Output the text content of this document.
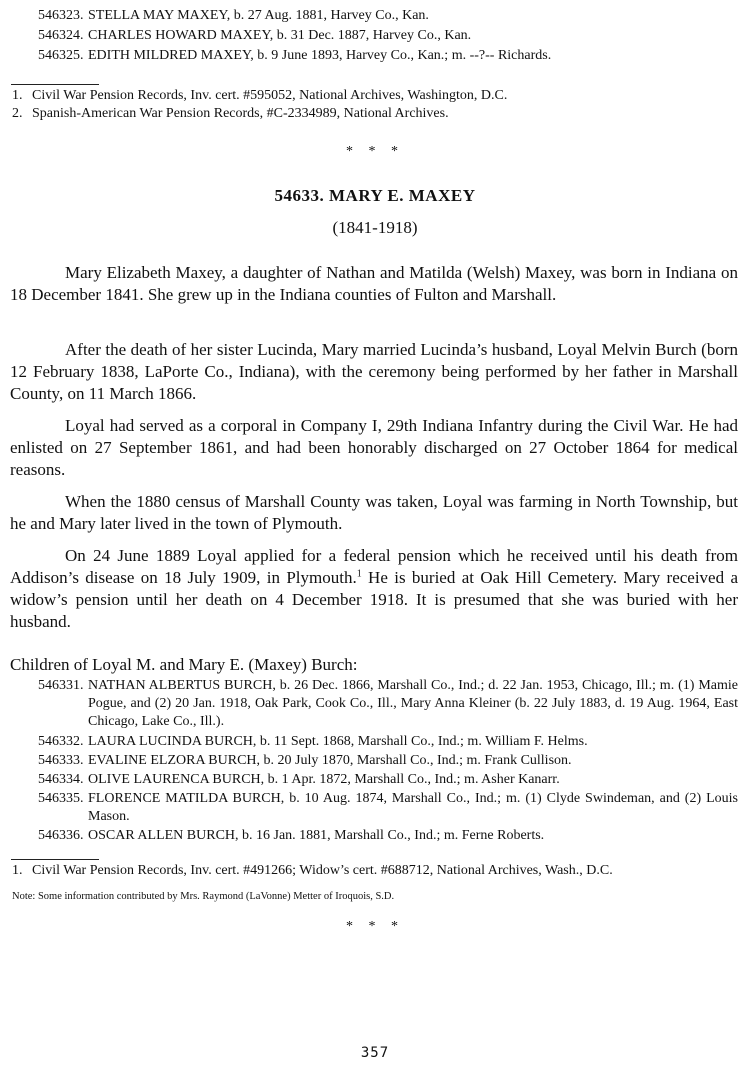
546323. STELLA MAY MAXEY, b. 27 Aug. 1881, Harvey Co., Kan.
546324. CHARLES HOWARD MAXEY, b. 31 Dec. 1887, Harvey Co., Kan.
546325. EDITH MILDRED MAXEY, b. 9 June 1893, Harvey Co., Kan.; m. --?-- Richards.
1. Civil War Pension Records, Inv. cert. #595052, National Archives, Washington, D.C.
2. Spanish-American War Pension Records, #C-2334989, National Archives.
* * *
54633. MARY E. MAXEY
(1841-1918)

Mary Elizabeth Maxey, a daughter of Nathan and Matilda (Welsh) Maxey, was born in Indiana on 18 December 1841. She grew up in the Indiana counties of Fulton and Marshall.

After the death of her sister Lucinda, Mary married Lucinda’s husband, Loyal Melvin Burch (born 12 February 1838, LaPorte Co., Indiana), with the ceremony being performed by her father in Marshall County, on 11 March 1866.

Loyal had served as a corporal in Company I, 29th Indiana Infantry during the Civil War. He had enlisted on 27 September 1861, and had been honorably discharged on 27 October 1864 for medical reasons.

When the 1880 census of Marshall County was taken, Loyal was farming in North Township, but he and Mary later lived in the town of Plymouth.

On 24 June 1889 Loyal applied for a federal pension which he received until his death from Addison’s disease on 18 July 1909, in Plymouth.$^1$ He is buried at Oak Hill Cemetery. Mary received a widow’s pension until her death on 4 December 1918. It is presumed that she was buried with her husband.

Children of Loyal M. and Mary E. (Maxey) Burch:
546331. NATHAN ALBERTUS BURCH, b. 26 Dec. 1866, Marshall Co., Ind.; d. 22 Jan. 1953, Chicago, Ill.; m. (1) Mamie Pogue, and (2) 20 Jan. 1918, Oak Park, Cook Co., Ill., Mary Anna Kleiner (b. 22 July 1883, d. 19 Aug. 1964, East Chicago, Lake Co., Ill.).
546332. LAURA LUCINDA BURCH, b. 11 Sept. 1868, Marshall Co., Ind.; m. William F. Helms.
546333. EVALINE ELZORA BURCH, b. 20 July 1870, Marshall Co., Ind.; m. Frank Cullison.
546334. OLIVE LAURENCA BURCH, b. 1 Apr. 1872, Marshall Co., Ind.; m. Asher Kanarr.
546335. FLORENCE MATILDA BURCH, b. 10 Aug. 1874, Marshall Co., Ind.; m. (1) Clyde Swindeman, and (2) Louis Mason.
546336. OSCAR ALLEN BURCH, b. 16 Jan. 1881, Marshall Co., Ind.; m. Ferne Roberts.
1. Civil War Pension Records, Inv. cert. #491266; Widow’s cert. #688712, National Archives, Wash., D.C.
Note: Some information contributed by Mrs. Raymond (LaVonne) Metter of Iroquois, S.D.
* * *
357
